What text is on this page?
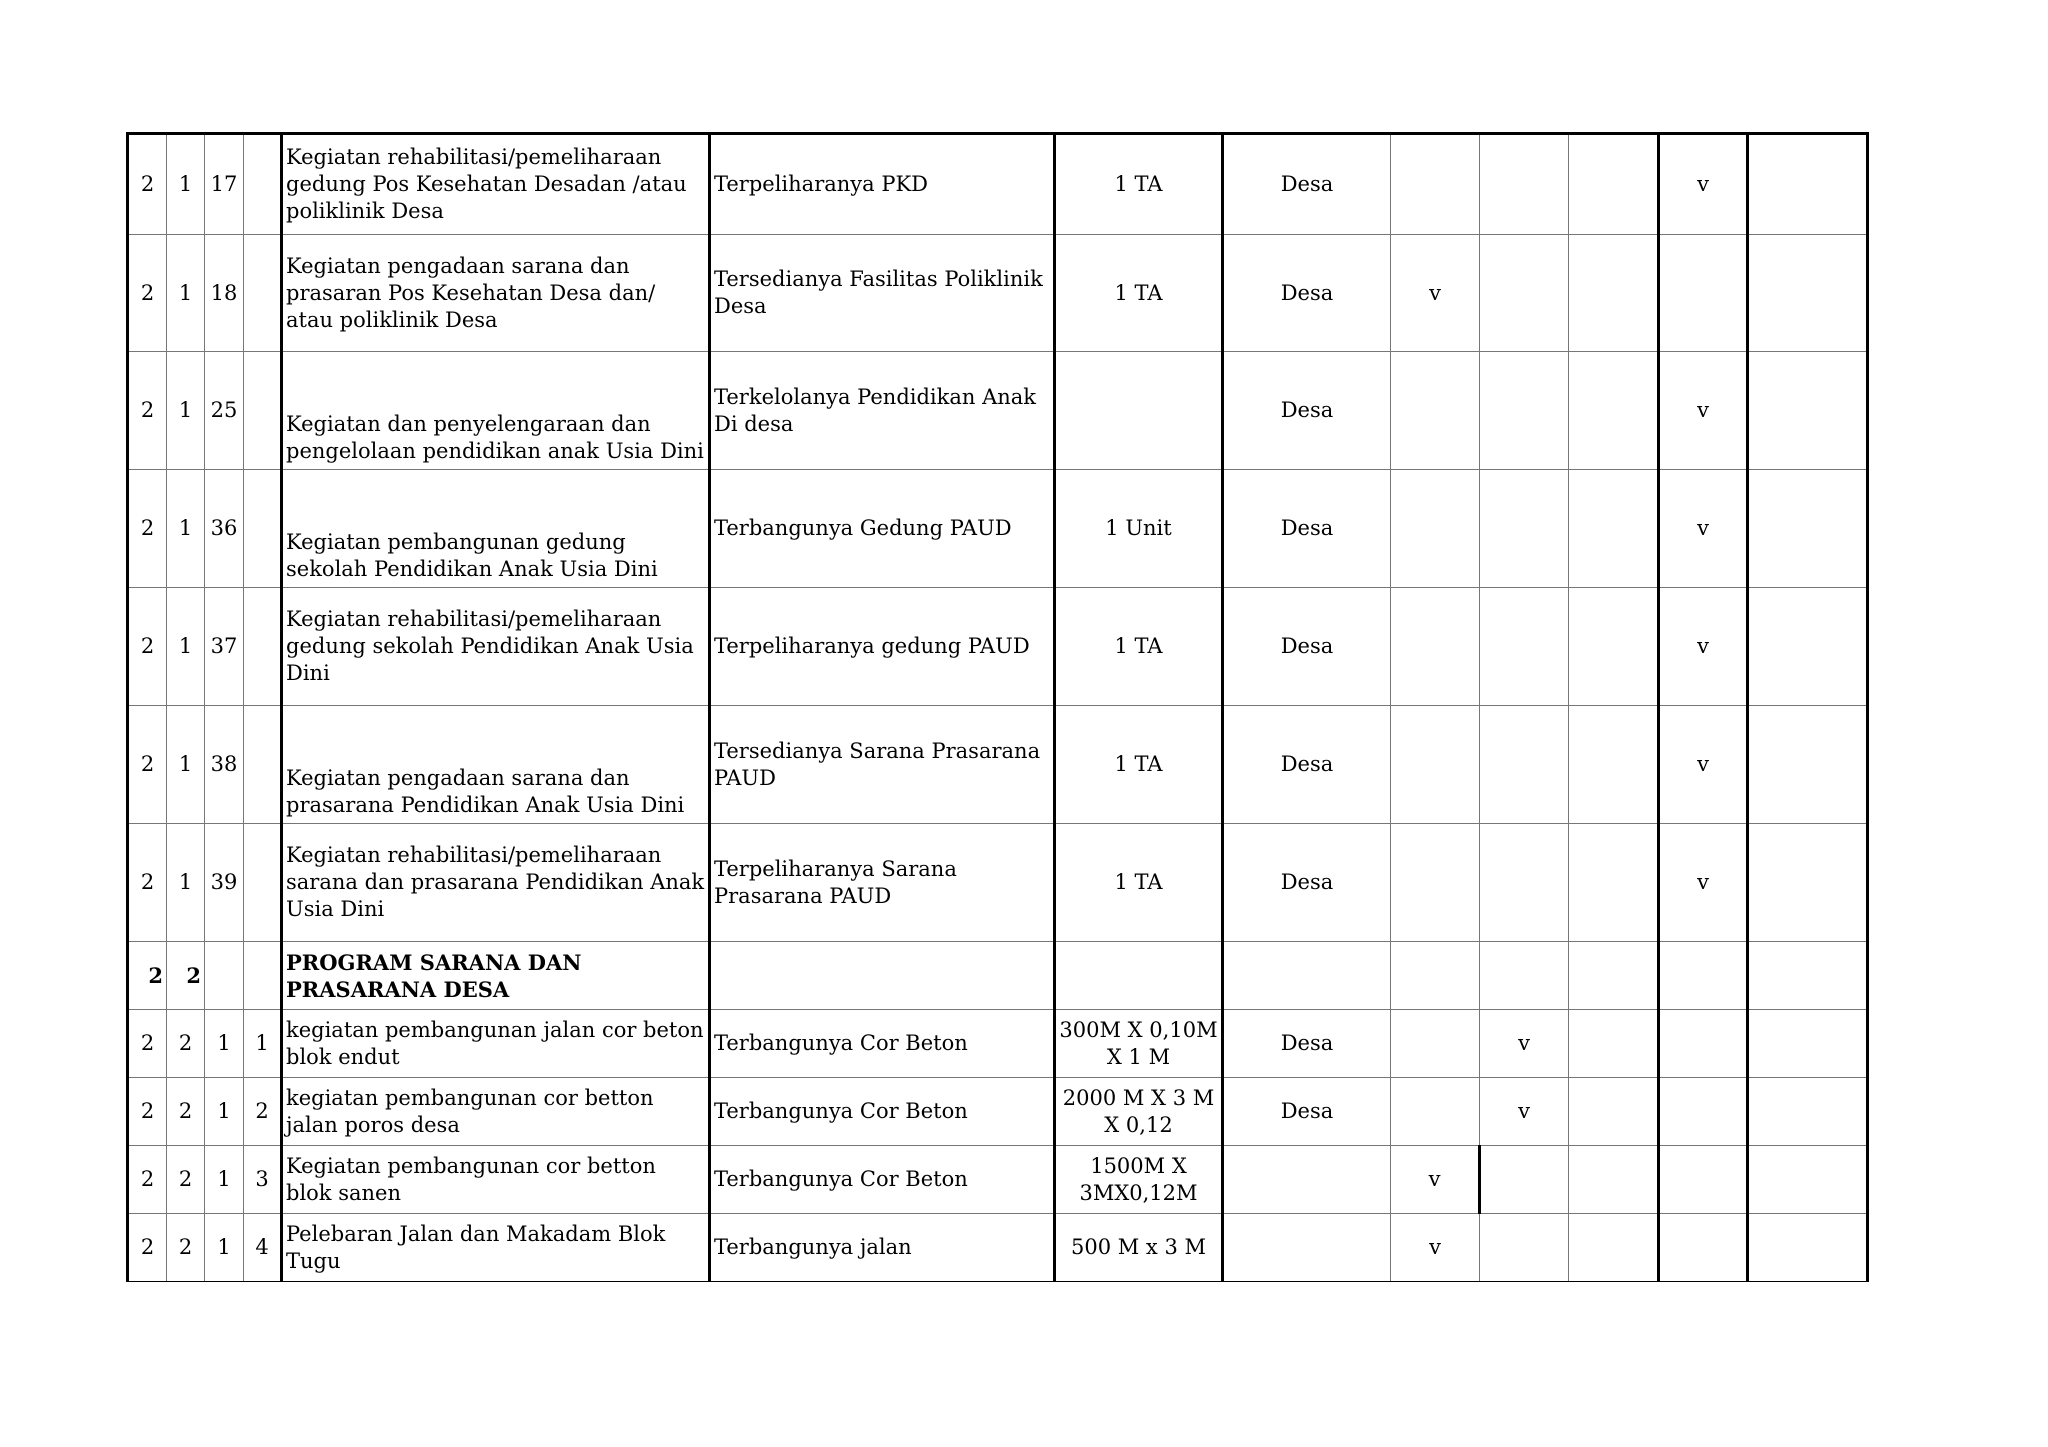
2	1	17		Kegiatan rehabilitasi/pemeliharaan gedung Pos Kesehatan Desadan /atau poliklinik Desa	Terpeliharanya PKD	1 TA	Desa				v	
2	1	18		Kegiatan pengadaan sarana dan prasaran Pos Kesehatan Desa dan/ atau poliklinik Desa	Tersedianya Fasilitas Poliklinik Desa	1 TA	Desa	v				
2	1	25		Kegiatan dan penyelengaraan dan pengelolaan pendidikan anak Usia Dini	Terkelolanya Pendidikan Anak Di desa		Desa				v	
2	1	36		Kegiatan pembangunan gedung sekolah Pendidikan Anak Usia Dini	Terbangunya Gedung PAUD	1 Unit	Desa				v	
2	1	37		Kegiatan rehabilitasi/pemeliharaan gedung sekolah Pendidikan Anak Usia Dini	Terpeliharanya gedung PAUD	1 TA	Desa				v	
2	1	38		Kegiatan pengadaan sarana dan prasarana Pendidikan Anak Usia Dini	Tersedianya Sarana Prasarana PAUD	1 TA	Desa				v	
2	1	39		Kegiatan rehabilitasi/pemeliharaan sarana dan prasarana Pendidikan Anak Usia Dini	Terpeliharanya Sarana Prasarana PAUD	1 TA	Desa				v	
2	2			PROGRAM SARANA DAN PRASARANA DESA								
2	2	1	1	kegiatan pembangunan jalan cor beton blok endut	Terbangunya Cor Beton	300M X 0,10M X 1 M	Desa		v			
2	2	1	2	kegiatan pembangunan cor betton jalan poros desa	Terbangunya Cor Beton	2000 M X 3 M X 0,12	Desa		v			
2	2	1	3	Kegiatan pembangunan cor betton blok sanen	Terbangunya Cor Beton	1500M X 3MX0,12M		v				
2	2	1	4	Pelebaran Jalan dan Makadam Blok Tugu	Terbangunya jalan	500 M x 3 M		v				
